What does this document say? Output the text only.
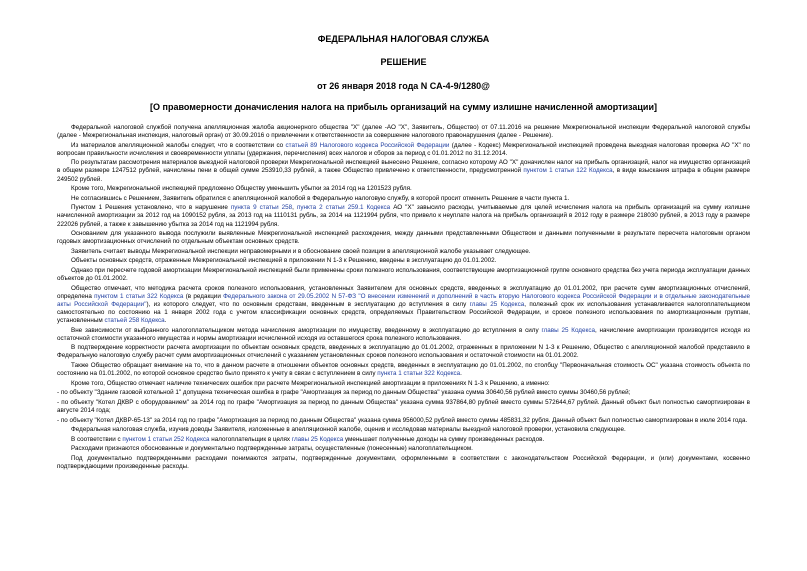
ФЕДЕРАЛЬНАЯ НАЛОГОВАЯ СЛУЖБА

РЕШЕНИЕ

от 26 января 2018 года N СА-4-9/1280@

[О правомерности доначисления налога на прибыль организаций на сумму излишне начисленной амортизации]

Федеральной налоговой службой получена апелляционная жалоба акционерного общества "X" (далее -АО "X", Заявитель, Общество) от 07.11.2016 на решение Межрегиональной инспекции Федеральной налоговой службы (далее - Межрегиональная инспекция, налоговый орган) от 30.09.2016 о привлечении к ответственности за совершение налогового правонарушения (далее - Решение).

Из материалов апелляционной жалобы следует, что в соответствии со статьей 89 Налогового кодекса Российской Федерации (далее - Кодекс) Межрегиональной инспекцией проведена выездная налоговая проверка АО "X" по вопросам правильности исчисления и своевременности уплаты (удержания, перечисления) всех налогов и сборов за период с 01.01.2012 по 31.12.2014.

По результатам рассмотрения материалов выездной налоговой проверки Межрегиональной инспекцией вынесено Решение, согласно которому АО "X" доначислен налог на прибыль организаций, налог на имущество организаций в общем размере 1247512 рублей, начислены пени в общей сумме 253910,33 рублей, а также Общество привлечено к ответственности, предусмотренной пунктом 1 статьи 122 Кодекса, в виде взыскания штрафа в общем размере 249502 рублей.

Кроме того, Межрегиональной инспекцией предложено Обществу уменьшить убытки за 2014 год на 1201523 рубля.

Не согласившись с Решением, Заявитель обратился с апелляционной жалобой в Федеральную налоговую службу, в которой просит отменить Решение в части пункта 1.

Пунктом 1 Решения установлено, что в нарушение пункта 9 статьи 258, пункта 2 статьи 259.1 Кодекса АО "X" завысило расходы, учитываемые для целей исчисления налога на прибыль организаций на сумму излишне начисленной амортизации за 2012 год на 1090152 рубля, за 2013 год на 1110131 рубль, за 2014 на 1121994 рубля, что привело к неуплате налога на прибыль организаций в 2012 году в размере 218030 рублей, в 2013 году в размере 222026 рублей, а также к завышению убытка за 2014 год на 1121994 рубля.

Основанием для указанного вывода послужили выявленные Межрегиональной инспекцией расхождения, между данными представленными Обществом и данными полученными в результате пересчета налоговым органом годовых амортизационных отчислений по отдельным объектам основных средств.

Заявитель считает выводы Межрегиональной инспекции неправомерными и в обоснование своей позиции в апелляционной жалобе указывает следующее.

Объекты основных средств, отраженные Межрегиональной инспекцией в приложении N 1-3 к Решению, введены в эксплуатацию до 01.01.2002.

Однако при пересчете годовой амортизации Межрегиональной инспекцией были применены сроки полезного использования, соответствующие амортизационной группе основного средства без учета периода эксплуатации данных объектов до 01.01.2002.

Общество отмечает, что методика расчета сроков полезного использования, установленных Заявителем для основных средств, введенных в эксплуатацию до 01.01.2002, при расчете сумм амортизационных отчислений, определена пунктом 1 статьи 322 Кодекса (в редакции Федерального закона от 29.05.2002 N 57-ФЗ "О внесении изменений и дополнений в часть вторую Налогового кодекса Российской Федерации и в отдельные законодательные акты Российской Федерации"), из которого следует, что по основным средствам, введенным в эксплуатацию до вступления в силу главы 25 Кодекса, полезный срок их использования устанавливается налогоплательщиком самостоятельно по состоянию на 1 января 2002 года с учетом классификации основных средств, определяемых Правительством Российской Федерации, и срокое полезного использования по амортизационным группам, установленным статьей 258 Кодекса.

Вне зависимости от выбранного налогоплательщиком метода начисления амортизации по имуществу, введенному в эксплуатацию до вступления в силу главы 25 Кодекса, начисление амортизации производится исходя из остаточной стоимости указанного имущества и нормы амортизации исчисленной исходя из оставшегося срока полезного использования.

В подтверждение корректности расчета амортизации по объектам основных средств, введенных в эксплуатацию до 01.01.2002, отраженных в приложении N 1-3 к Решению, Общество с апелляционной жалобой представило в Федеральную налоговую службу расчет сумм амортизационных отчислений с указанием установленных сроков полезного использования и остаточной стоимости на 01.01.2002.

Также Общество обращает внимание на то, что в данном расчете в отношении объектов основных средств, введенных в эксплуатацию до 01.01.2002, по столбцу "Первоначальная стоимость ОС" указана стоимость объекта по состоянию на 01.01.2002, по которой основное средство было принято к учету в связи с вступлением в силу пункта 1 статьи 322 Кодекса.

Кроме того, Общество отмечает наличие технических ошибок при расчете Межрегиональной инспекцией амортизации в приложениях N 1-3 к Решению, а именно:

- по объекту "Здание газовой котельной 1" допущена техническая ошибка в графе "Амортизация за период по данным Общества" указана сумма 30640,56 рублей вместо суммы 30460,56 рублей;

- по объекту "Котел ДКВР с оборудованием" за 2014 год по графе "Амортизация за период по данным Общества" указана сумма 937864,80 рублей вместо суммы 572644,67 рублей. Данный объект был полностью самортизирован в августе 2014 года;

- по объекту "Котел ДКВР-65-13" за 2014 год по графе "Амортизация за период по данным Общества" указана сумма 956000,52 рублей вместо суммы 485831,32 рубля. Данный объект был полностью самортизирован в июле 2014 года.

Федеральная налоговая служба, изучив доводы Заявителя, изложенные в апелляционной жалобе, оценив и исследовав материалы выездной налоговой проверки, установила следующее.

В соответствии с пунктом 1 статьи 252 Кодекса налогоплательщик в целях главы 25 Кодекса уменьшает полученные доходы на сумму произведенных расходов.

Расходами признаются обоснованные и документально подтвержденные затраты, осуществленные (понесенные) налогоплательщиком.

Под документально подтвержденными расходами понимаются затраты, подтвержденные документами, оформленными в соответствии с законодательством Российской Федерации, и (или) документами, косвенно подтверждающими произведенные расходы.
